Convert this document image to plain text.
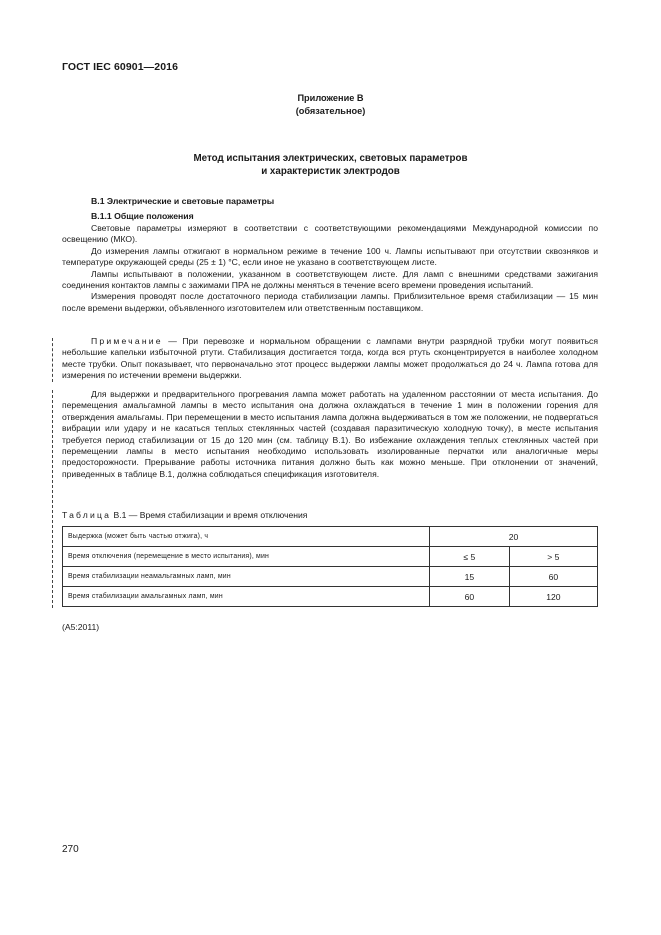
ГОСТ IEC 60901—2016
Приложение В
(обязательное)
Метод испытания электрических, световых параметров
и характеристик электродов
В.1 Электрические и световые параметры
В.1.1 Общие положения

Световые параметры измеряют в соответствии с соответствующими рекомендациями Международной комиссии по освещению (МКО).

До измерения лампы отжигают в нормальном режиме в течение 100 ч. Лампы испытывают при отсутствии сквозняков и температуре окружающей среды (25 ± 1) °С, если иное не указано в соответствующем листе.

Лампы испытывают в положении, указанном в соответствующем листе. Для ламп с внешними средствами зажигания соединения контактов лампы с зажимами ПРА не должны меняться в течение всего времени проведения испытаний.

Измерения проводят после достаточного периода стабилизации лампы. Приблизительное время стабилизации — 15 мин после времени выдержки, объявленного изготовителем или ответственным поставщиком.

Примечание — При перевозке и нормальном обращении с лампами внутри разрядной трубки могут появиться небольшие капельки избыточной ртути. Стабилизация достигается тогда, когда вся ртуть сконцентрируется в наиболее холодном месте трубки. Опыт показывает, что первоначально этот процесс выдержки лампы может продолжаться до 24 ч. Лампа готова для измерения по истечении времени выдержки.

Для выдержки и предварительного прогревания лампа может работать на удаленном расстоянии от места испытания. До перемещения амальгамной лампы в место испытания она должна охлаждаться в течение 1 мин в положении горения для отверждения амальгамы. При перемещении в место испытания лампа должна выдерживаться в том же положении, не подвергаться вибрации или удару и не касаться теплых стеклянных частей (создавая паразитическую холодную точку), в месте испытания требуется период стабилизации от 15 до 120 мин (см. таблицу В.1). Во избежание охлаждения теплых стеклянных частей при перемещении лампы в место испытания необходимо использовать изолированные перчатки или аналогичные меры предосторожности. Прерывание работы источника питания должно быть как можно меньше. При отклонении от значений, приведенных в таблице В.1, должна соблюдаться спецификация изготовителя.

Таблица В.1 — Время стабилизации и время отключения
Выдержка (может быть частью отжига), ч	20	
Время отключения (перемещение в место испытания), мин	≤ 5	> 5
Время стабилизации неамальгамных ламп, мин	15	60
Время стабилизации амальгамных ламп, мин	60	120
(А5:2011)
270
